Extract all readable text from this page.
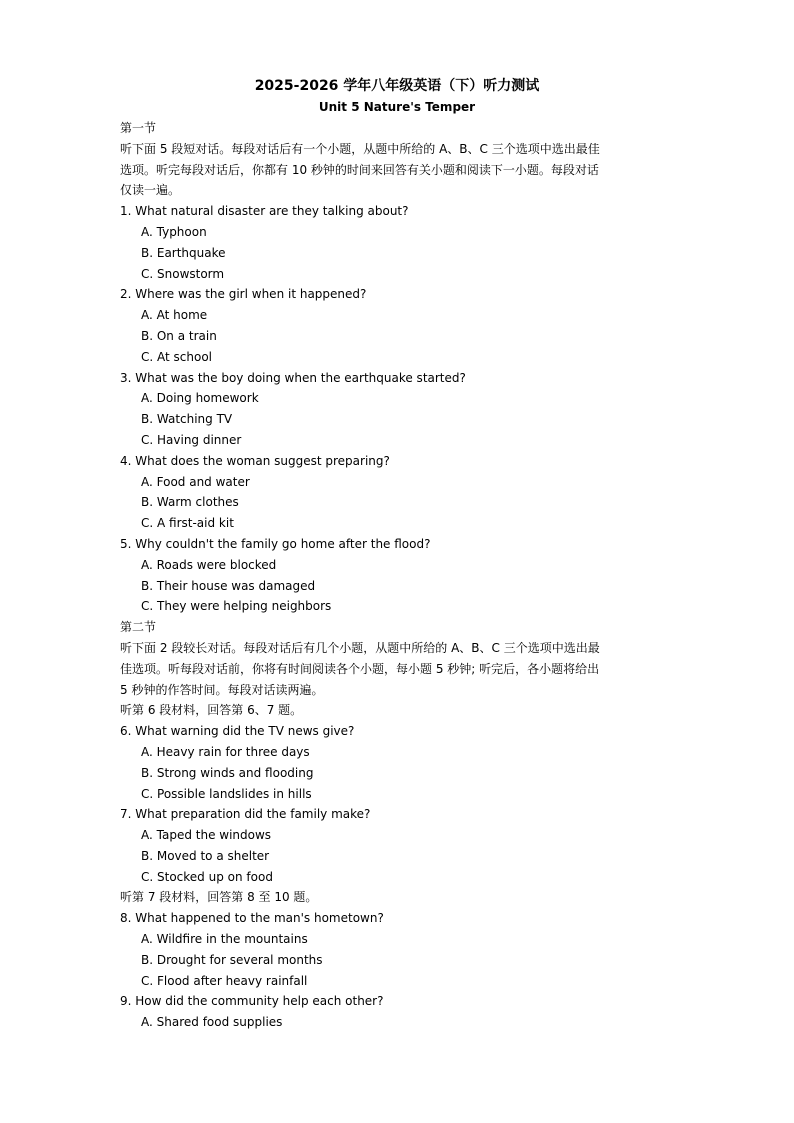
2025-2026 学年八年级英语（下）听力测试
Unit 5 Nature's Temper
第一节
听下面 5 段短对话。每段对话后有一个小题，从题中所给的 A、B、C 三个选项中选出最佳
选项。听完每段对话后，你都有 10 秒钟的时间来回答有关小题和阅读下一小题。每段对话
仅读一遍。
1. What natural disaster are they talking about?
A. Typhoon
B. Earthquake
C. Snowstorm
2. Where was the girl when it happened?
A. At home
B. On a train
C. At school
3. What was the boy doing when the earthquake started?
A. Doing homework
B. Watching TV
C. Having dinner
4. What does the woman suggest preparing?
A. Food and water
B. Warm clothes
C. A first-aid kit
5. Why couldn't the family go home after the flood?
A. Roads were blocked
B. Their house was damaged
C. They were helping neighbors
第二节
听下面 2 段较长对话。每段对话后有几个小题，从题中所给的 A、B、C 三个选项中选出最
佳选项。听每段对话前，你将有时间阅读各个小题，每小题 5 秒钟; 听完后，各小题将给出
5 秒钟的作答时间。每段对话读两遍。
听第 6 段材料，回答第 6、7 题。
6. What warning did the TV news give?
A. Heavy rain for three days
B. Strong winds and flooding
C. Possible landslides in hills
7. What preparation did the family make?
A. Taped the windows
B. Moved to a shelter
C. Stocked up on food
听第 7 段材料，回答第 8 至 10 题。
8. What happened to the man's hometown?
A. Wildfire in the mountains
B. Drought for several months
C. Flood after heavy rainfall
9. How did the community help each other?
A. Shared food supplies
